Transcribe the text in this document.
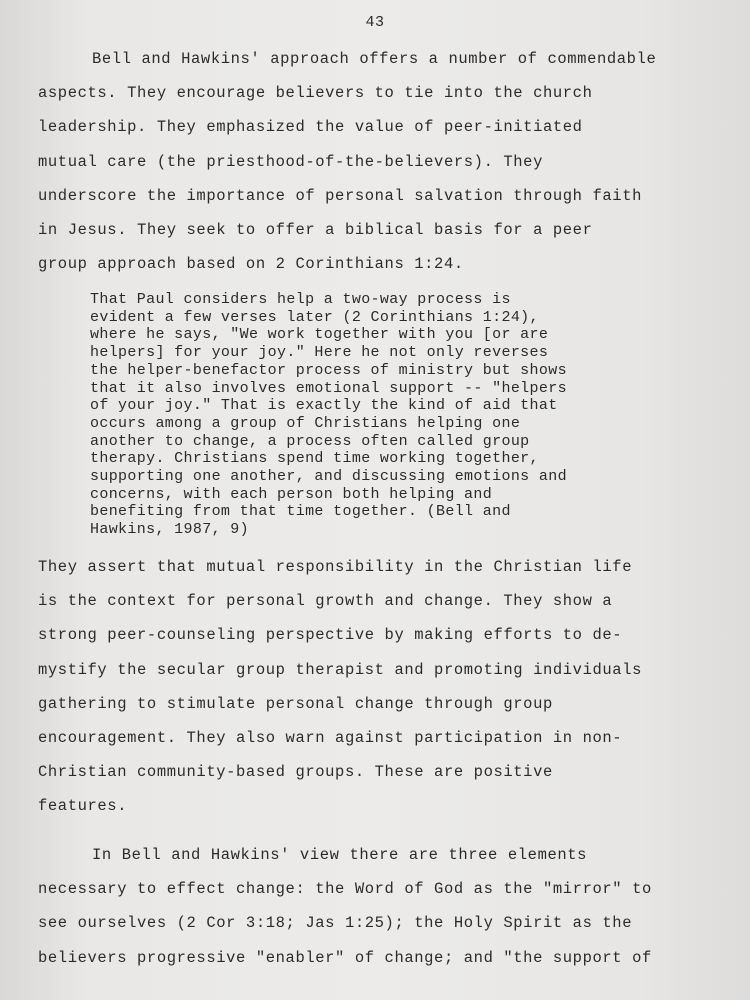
43
Bell and Hawkins' approach offers a number of commendable
aspects. They encourage believers to tie into the church
leadership. They emphasized the value of peer-initiated
mutual care (the priesthood-of-the-believers). They
underscore the importance of personal salvation through faith
in Jesus. They seek to offer a biblical basis for a peer
group approach based on 2 Corinthians 1:24.
That Paul considers help a two-way process is
evident a few verses later (2 Corinthians 1:24),
where he says, "We work together with you [or are
helpers] for your joy." Here he not only reverses
the helper-benefactor process of ministry but shows
that it also involves emotional support -- "helpers
of your joy." That is exactly the kind of aid that
occurs among a group of Christians helping one
another to change, a process often called group
therapy. Christians spend time working together,
supporting one another, and discussing emotions and
concerns, with each person both helping and
benefiting from that time together. (Bell and
Hawkins, 1987, 9)
They assert that mutual responsibility in the Christian life
is the context for personal growth and change. They show a
strong peer-counseling perspective by making efforts to de-
mystify the secular group therapist and promoting individuals
gathering to stimulate personal change through group
encouragement. They also warn against participation in non-
Christian community-based groups. These are positive
features.
In Bell and Hawkins' view there are three elements
necessary to effect change: the Word of God as the "mirror" to
see ourselves (2 Cor 3:18; Jas 1:25); the Holy Spirit as the
believers progressive "enabler" of change; and "the support of
